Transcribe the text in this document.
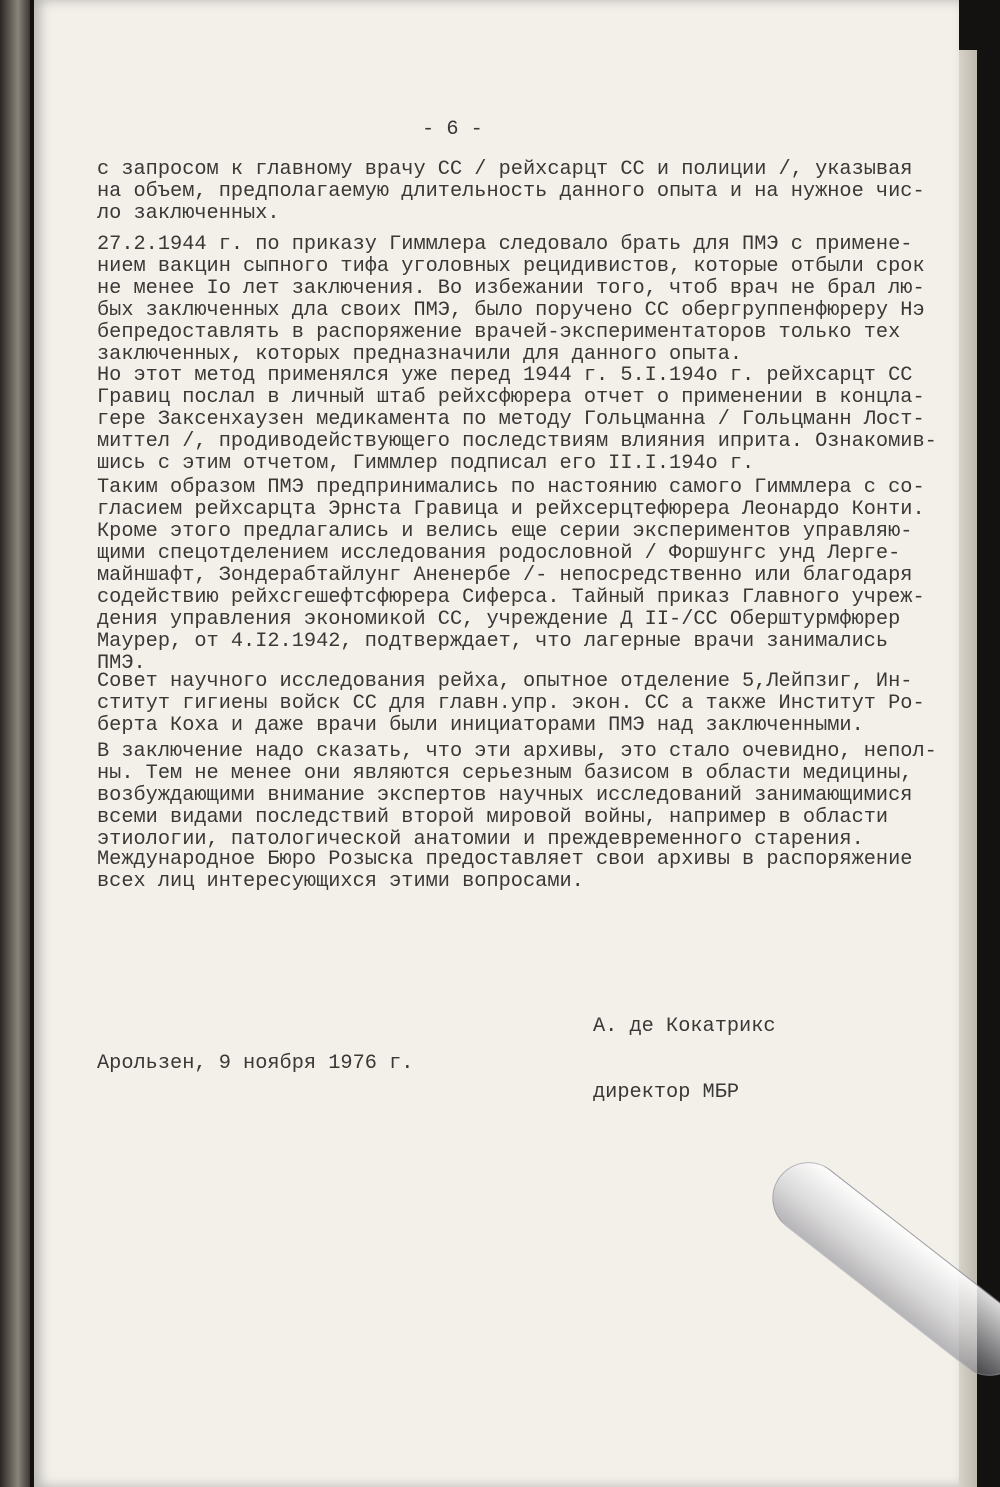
- 6 -
с запросом к главному врачу СС / рейхсарцт СС и полиции /, указывая
на объем, предполагаемую длительность данного опыта и на нужное чис-
ло заключенных.
27.2.1944 г. по приказу Гиммлера следовало брать для ПМЭ с примене-
нием вакцин сыпного тифа уголовных рецидивистов, которые отбыли срок
не менее Iо лет заключения. Во избежании того, чтоб врач не брал лю-
бых заключенных дла своих ПМЭ, было поручено СС обергруппенфюреру Нэ
бепредоставлять в распоряжение врачей-экспериментаторов только тех
заключенных, которых предназначили для данного опыта.
Но этот метод применялся уже перед 1944 г. 5.I.194о г. рейхсарцт СС
Гравиц послал в личный штаб рейхсфюрера отчет о применении в концла-
гере Заксенхаузен медикамента по методу Гольцманна / Гольцманн Лост-
миттел /, продиводействующего последствиям влияния иприта. Ознакомив-
шись с этим отчетом, Гиммлер подписал его II.I.194о г.
Таким образом ПМЭ предпринимались по настоянию самого Гиммлера с со-
гласием рейхсарцта Эрнста Гравица и рейхсерцтефюрера Леонардо Конти.
Кроме этого предлагались и велись еще серии экспериментов управляю-
щими спецотделением исследования родословной / Форшунгс унд Лерге-
майншафт, Зондерабтайлунг Аненербе /- непосредственно или благодаря
содействию рейхсгешефтсфюрера Сиферса. Тайный приказ Главного учреж-
дения управления экономикой СС, учреждение Д II-/СС Оберштурмфюрер
Маурер, от 4.I2.1942, подтверждает, что лагерные врачи занимались
ПМЭ.
Совет научного исследования рейха, опытное отделение 5,Лейпзиг, Ин-
ститут гигиены войск СС для главн.упр. экон. СС а также Институт Ро-
берта Коха и даже врачи были инициаторами ПМЭ над заключенными.
В заключение надо сказать, что эти архивы, это стало очевидно, непол-
ны. Тем не менее они являются серьезным базисом в области медицины,
возбуждающими внимание экспертов научных исследований занимающимися
всеми видами последствий второй мировой войны, например в области
этиологии, патологической анатомии и преждевременного старения.
Международное Бюро Розыска предоставляет свои архивы в распоряжение
всех лиц интересующихся этими вопросами.

А. де Кокатрикс

директор МБР

Арользен, 9 ноября 1976 г.
